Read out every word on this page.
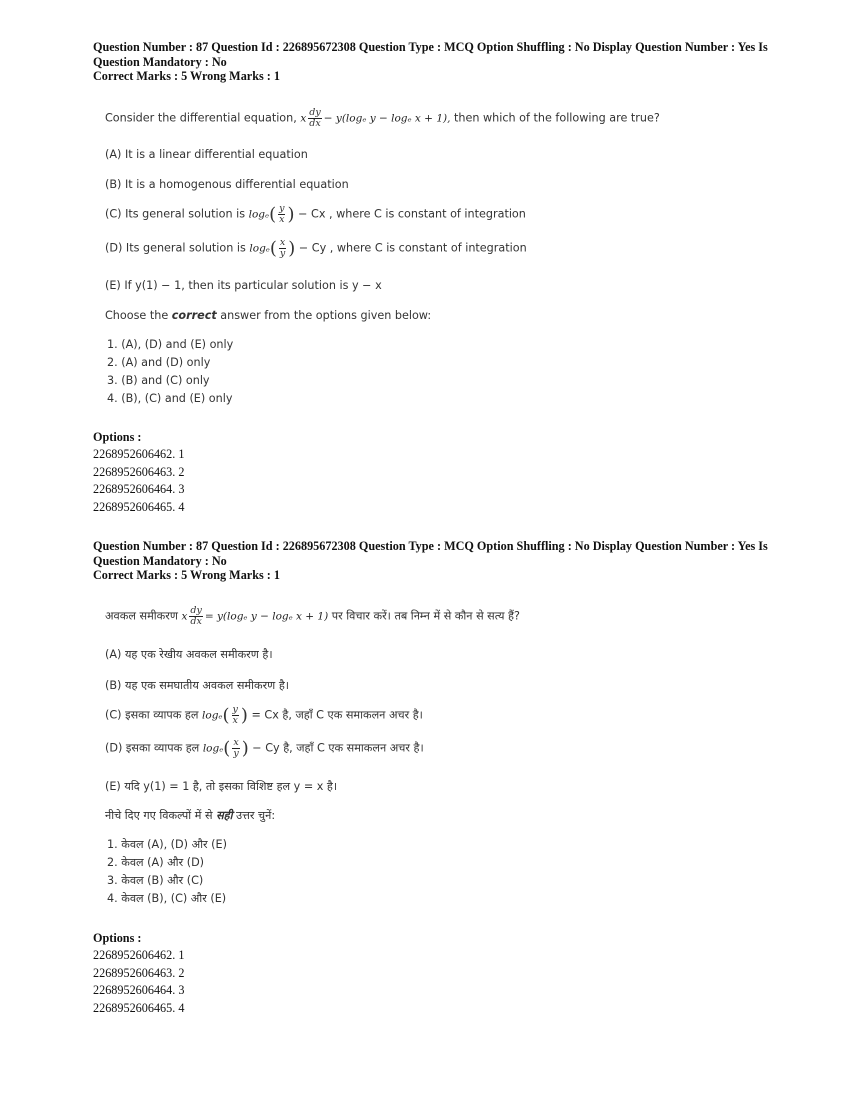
Question Number : 87 Question Id : 226895672308 Question Type : MCQ Option Shuffling : No Display Question Number : Yes Is
Question Mandatory : No
Correct Marks : 5 Wrong Marks : 1
Consider the differential equation, x $\frac{dy}{dx} - y(\log_e$ y − logₑ x + 1), then which of the following are true?
(A) It is a linear differential equation
(B) It is a homogenous differential equation
(C) Its general solution is $\log_e( \frac{y}{x}$ ) − Cx , where C is constant of integration
(D) Its general solution is $\log_e( \frac{x}{y}$ ) − Cy , where C is constant of integration
(E) If y(1) − 1, then its particular solution is y − x
Choose the correct answer from the options given below:
1. (A), (D) and (E) only
2. (A) and (D) only
3. (B) and (C) only
4. (B), (C) and (E) only
Options :
2268952606462. 1
2268952606463. 2
2268952606464. 3
2268952606465. 4
Question Number : 87 Question Id : 226895672308 Question Type : MCQ Option Shuffling : No Display Question Number : Yes Is
Question Mandatory : No
Correct Marks : 5 Wrong Marks : 1
अवकल समीकरण x $\frac{dy}{dx} = y(\log_e$ y − logₑ x + 1) पर विचार करें। तब निम्न में से कौन से सत्य हैं?
(A) यह एक रेखीय अवकल समीकरण है।
(B) यह एक समघातीय अवकल समीकरण है।
(C) इसका व्यापक हल $\log_e( \frac{y}{x}$ ) = Cx है, जहाँ C एक समाकलन अचर है।
(D) इसका व्यापक हल $\log_e( \frac{x}{y}$ ) − Cy है, जहाँ C एक समाकलन अचर है।
(E) यदि y(1) = 1 है, तो इसका विशिष्ट हल y = x है।
नीचे दिए गए विकल्पों में से सही उत्तर चुनें:
1. केवल (A), (D) और (E)
2. केवल (A) और (D)
3. केवल (B) और (C)
4. केवल (B), (C) और (E)
Options :
2268952606462. 1
2268952606463. 2
2268952606464. 3
2268952606465. 4
